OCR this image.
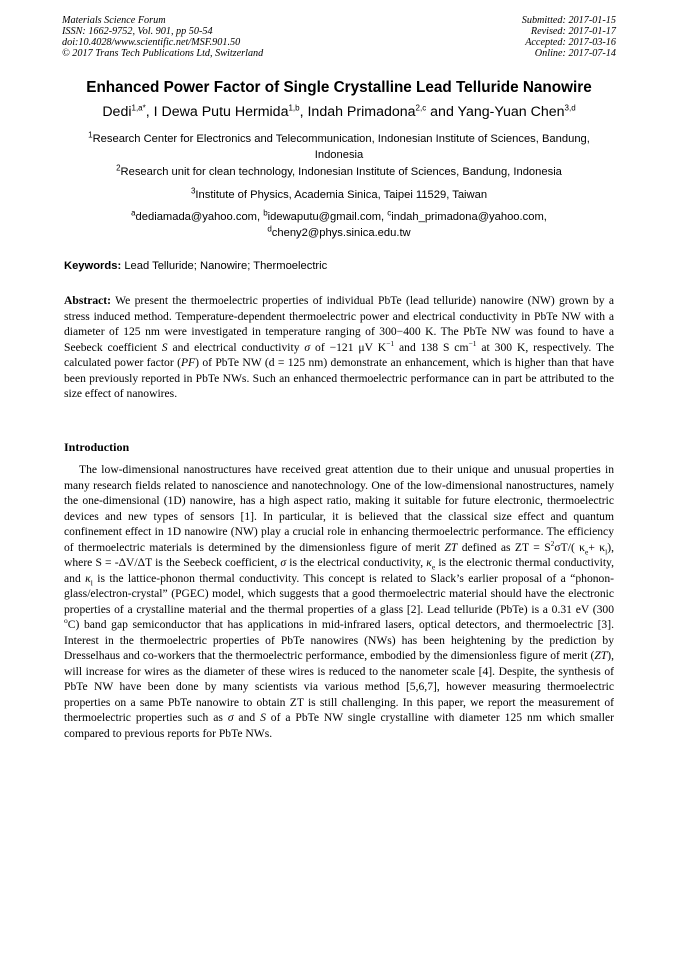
Materials Science Forum
ISSN: 1662-9752, Vol. 901, pp 50-54
doi:10.4028/www.scientific.net/MSF.901.50
© 2017 Trans Tech Publications Ltd, Switzerland
Submitted: 2017-01-15
Revised: 2017-01-17
Accepted: 2017-03-16
Online: 2017-07-14
Enhanced Power Factor of Single Crystalline Lead Telluride Nanowire
Dedi$^{1,a*}$, I Dewa Putu Hermida$^{1,b}$, Indah Primadona$^{2,c}$ and Yang-Yuan Chen$^{3,d}$
$^1$Research Center for Electronics and Telecommunication, Indonesian Institute of Sciences, Bandung, Indonesia
$^2$Research unit for clean technology, Indonesian Institute of Sciences, Bandung, Indonesia
$^3$Institute of Physics, Academia Sinica, Taipei 11529, Taiwan
$^a$dediamada@yahoo.com, $^b$idewaputu@gmail.com, $^c$indah_primadona@yahoo.com,
$^d$cheny2@phys.sinica.edu.tw
Keywords: Lead Telluride; Nanowire; Thermoelectric
Abstract: We present the thermoelectric properties of individual PbTe (lead telluride) nanowire (NW) grown by a stress induced method. Temperature-dependent thermoelectric power and electrical conductivity in PbTe NW with a diameter of 125 nm were investigated in temperature ranging of 300−400 K. The PbTe NW was found to have a Seebeck coefficient S and electrical conductivity σ of −121 μV $K^{-1}$ and 138 S $cm^{-1}$ at 300 K, respectively. The calculated power factor (PF) of PbTe NW (d = 125 nm) demonstrate an enhancement, which is higher than that have been previously reported in PbTe NWs. Such an enhanced thermoelectric performance can in part be attributed to the size effect of nanowires.
Introduction
The low-dimensional nanostructures have received great attention due to their unique and unusual properties in many research fields related to nanoscience and nanotechnology. One of the low-dimensional nanostructures, namely the one-dimensional (1D) nanowire, has a high aspect ratio, making it suitable for future electronic, thermoelectric devices and new types of sensors [1]. In particular, it is believed that the classical size effect and quantum confinement effect in 1D nanowire (NW) play a crucial role in enhancing thermoelectric performance. The efficiency of thermoelectric materials is determined by the dimensionless figure of merit ZT defined as ZT = $S^2\sigma T/$( $\kappa_e+ \kappa_l$), where S = -ΔV/ΔT is the Seebeck coefficient, σ is the electrical conductivity, $\kappa_e$ is the electronic thermal conductivity, and $\kappa_l$ is the lattice-phonon thermal conductivity. This concept is related to Slack’s earlier proposal of a “phonon-glass/electron-crystal” (PGEC) model, which suggests that a good thermoelectric material should have the electronic properties of a crystalline material and the thermal properties of a glass [2]. Lead telluride (PbTe) is a 0.31 eV (300 $^o$C) band gap semiconductor that has applications in mid-infrared lasers, optical detectors, and thermoelectric [3]. Interest in the thermoelectric properties of PbTe nanowires (NWs) has been heightening by the prediction by Dresselhaus and co-workers that the thermoelectric performance, embodied by the dimensionless figure of merit (ZT), will increase for wires as the diameter of these wires is reduced to the nanometer scale [4]. Despite, the synthesis of PbTe NW have been done by many scientists via various method [5,6,7], however measuring thermoelectric properties on a same PbTe nanowire to obtain ZT is still challenging. In this paper, we report the measurement of thermoelectric properties such as σ and S of a PbTe NW single crystalline with diameter 125 nm which smaller compared to previous reports for PbTe NWs.
